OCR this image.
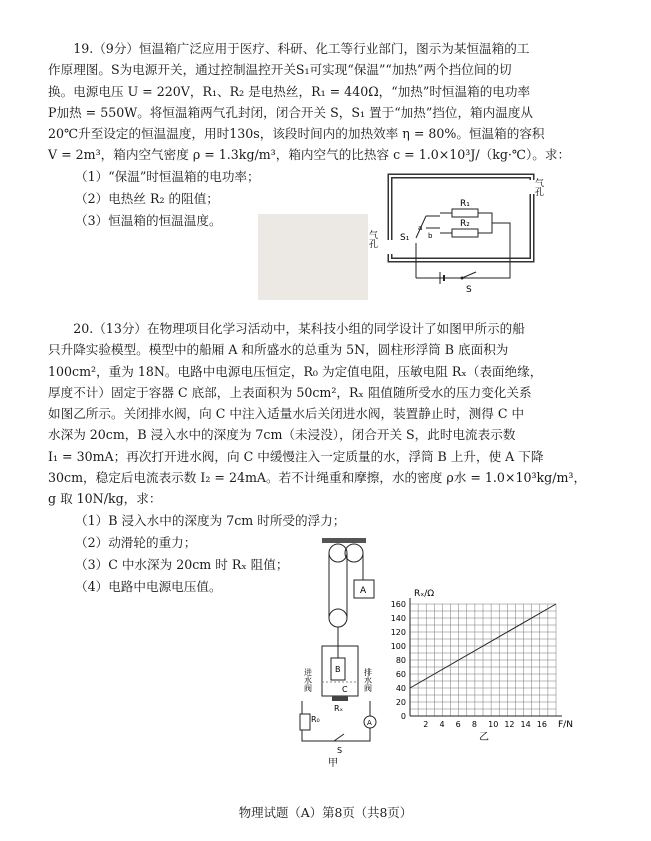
19.（9分）恒温箱广泛应用于医疗、科研、化工等行业部门，图示为某恒温箱的工
作原理图。S为电源开关，通过控制温控开关S₁可实现“保温”“加热”两个挡位间的切
换。电源电压 U = 220V，R₁、R₂ 是电热丝，R₁ = 440Ω，“加热”时恒温箱的电功率
P加热 = 550W。将恒温箱两气孔封闭，闭合开关 S，S₁ 置于“加热”挡位，箱内温度从
20℃升至设定的恒温温度，用时130s，该段时间内的加热效率 η = 80%。恒温箱的容积
V = 2m³，箱内空气密度 ρ = 1.3kg/m³，箱内空气的比热容 c = 1.0×10³J/（kg·℃）。求：
（1）“保温”时恒温箱的电功率；
（2）电热丝 R₂ 的阻值；
（3）恒温箱的恒温温度。
气孔
气孔
R₁
R₂
S₁
a
b
S
20.（13分）在物理项目化学习活动中，某科技小组的同学设计了如图甲所示的船
只升降实验模型。模型中的船厢 A 和所盛水的总重为 5N，圆柱形浮筒 B 底面积为
100cm²，重为 18N。电路中电源电压恒定，R₀ 为定值电阻，压敏电阻 Rₓ（表面绝缘，
厚度不计）固定于容器 C 底部，上表面积为 50cm²，Rₓ 阻值随所受水的压力变化关系
如图乙所示。关闭排水阀，向 C 中注入适量水后关闭进水阀，装置静止时，测得 C 中
水深为 20cm，B 浸入水中的深度为 7cm（未浸没），闭合开关 S，此时电流表示数
I₁ = 30mA；再次打开进水阀，向 C 中缓慢注入一定质量的水，浮筒 B 上升，使 A 下降
30cm，稳定后电流表示数 I₂ = 24mA。若不计绳重和摩擦，水的密度 ρ水 = 1.0×10³kg/m³，
g 取 10N/kg，求：
（1）B 浸入水中的深度为 7cm 时所受的浮力；
（2）动滑轮的重力；
（3）C 中水深为 20cm 时 Rₓ 阻值；
（4）电路中电源电压值。	A
B
C
进水阀	排水阀
Rₓ
R₀	A
S
甲
2 4 6 8 10 12 14 16
0
20
40
60
80
100
120
140
160
Rₓ/Ω
F/N
乙
物理试题（A）第8页（共8页）
